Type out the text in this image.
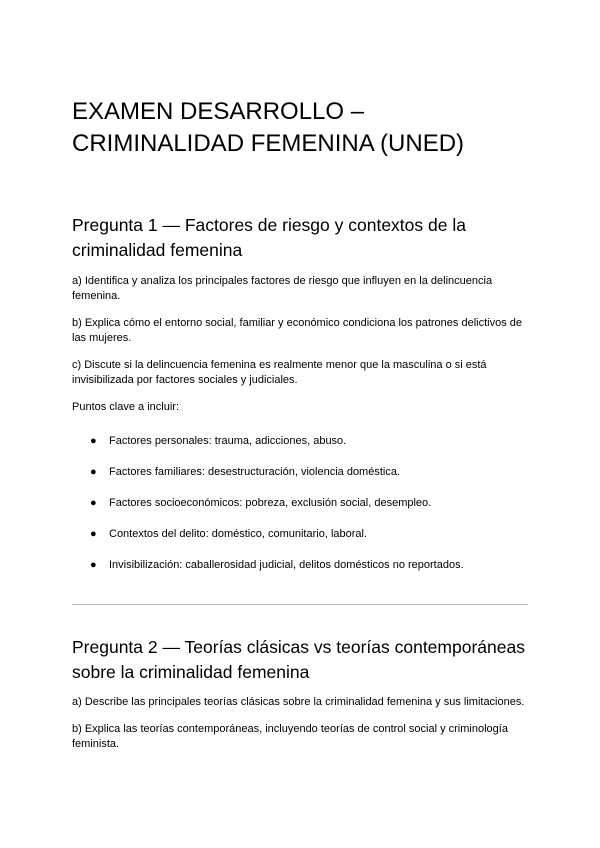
EXAMEN DESARROLLO – CRIMINALIDAD FEMENINA (UNED)
Pregunta 1 — Factores de riesgo y contextos de la criminalidad femenina

a) Identifica y analiza los principales factores de riesgo que influyen en la delincuencia femenina.

b) Explica cómo el entorno social, familiar y económico condiciona los patrones delictivos de las mujeres.

c) Discute si la delincuencia femenina es realmente menor que la masculina o si está invisibilizada por factores sociales y judiciales.

Puntos clave a incluir:

● Factores personales: trauma, adicciones, abuso.
● Factores familiares: desestructuración, violencia doméstica.
● Factores socioeconómicos: pobreza, exclusión social, desempleo.
● Contextos del delito: doméstico, comunitario, laboral.
● Invisibilización: caballerosidad judicial, delitos domésticos no reportados.
Pregunta 2 — Teorías clásicas vs teorías contemporáneas sobre la criminalidad femenina

a) Describe las principales teorías clásicas sobre la criminalidad femenina y sus limitaciones.

b) Explica las teorías contemporáneas, incluyendo teorías de control social y criminología feminista.
